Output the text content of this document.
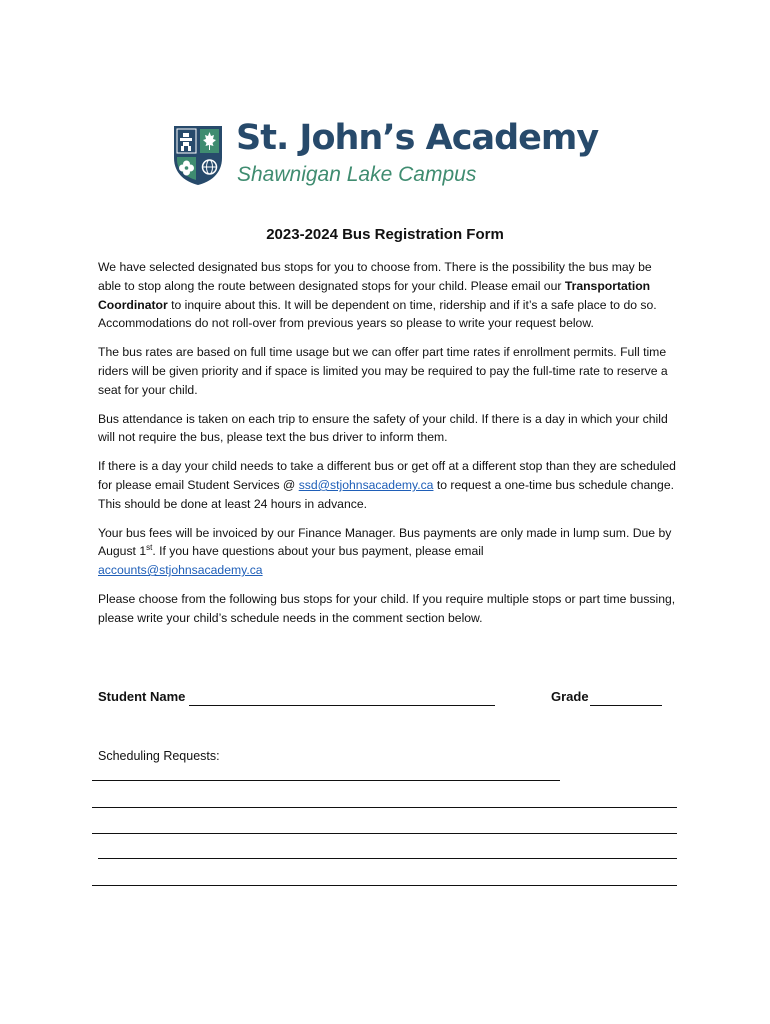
St. John’s Academy
Shawnigan Lake Campus
2023-2024 Bus Registration Form

We have selected designated bus stops for you to choose from. There is the possibility the bus may be able to stop along the route between designated stops for your child. Please email our Transportation Coordinator to inquire about this. It will be dependent on time, ridership and if it’s a safe place to do so. Accommodations do not roll-over from previous years so please to write your request below.

The bus rates are based on full time usage but we can offer part time rates if enrollment permits. Full time riders will be given priority and if space is limited you may be required to pay the full-time rate to reserve a seat for your child.

Bus attendance is taken on each trip to ensure the safety of your child. If there is a day in which your child will not require the bus, please text the bus driver to inform them.

If there is a day your child needs to take a different bus or get off at a different stop than they are scheduled for please email Student Services @ ssd@stjohnsacademy.ca to request a one-time bus schedule change. This should be done at least 24 hours in advance.

Your bus fees will be invoiced by our Finance Manager. Bus payments are only made in lump sum. Due by August 1st. If you have questions about your bus payment, please email
accounts@stjohnsacademy.ca

Please choose from the following bus stops for your child. If you require multiple stops or part time bussing, please write your child’s schedule needs in the comment section below.

Student Name	Grade
Scheduling Requests:
